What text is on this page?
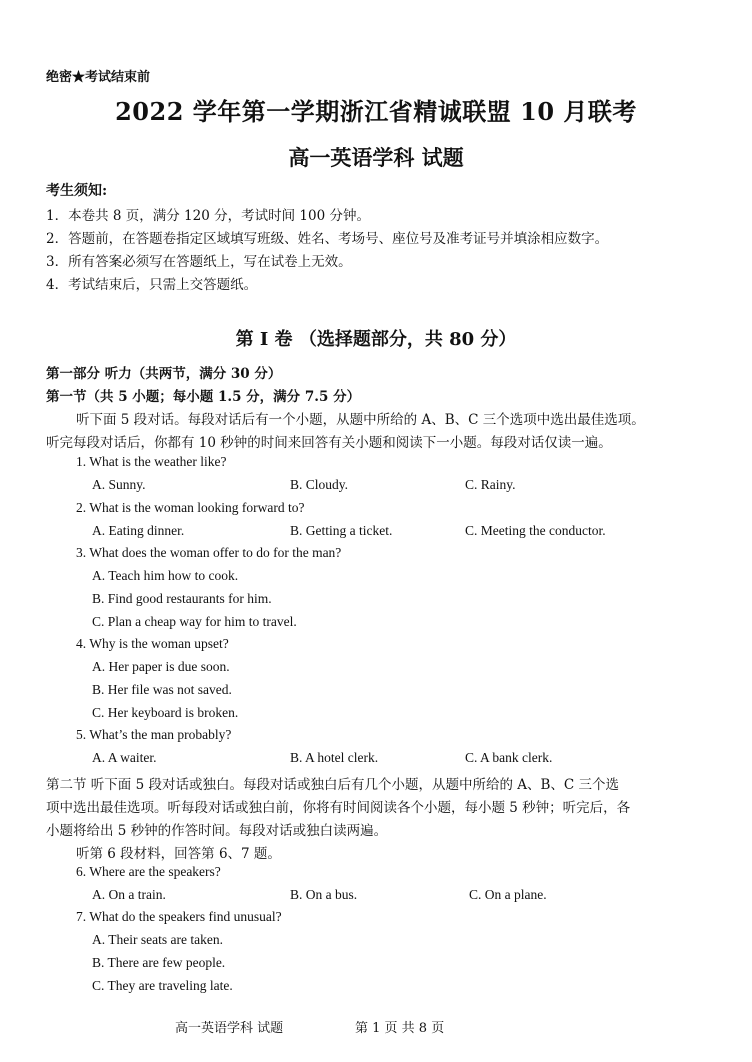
绝密★考试结束前
2022 学年第一学期浙江省精诚联盟 10 月联考
高一英语学科 试题
考生须知:
1．本卷共 8 页，满分 120 分，考试时间 100 分钟。
2．答题前，在答题卷指定区域填写班级、姓名、考场号、座位号及准考证号并填涂相应数字。
3．所有答案必须写在答题纸上，写在试卷上无效。
4．考试结束后，只需上交答题纸。
第 I 卷 （选择题部分，共 80 分）
第一部分 听力（共两节，满分 30 分）
第一节（共 5 小题；每小题 1.5 分，满分 7.5 分）
听下面 5 段对话。每段对话后有一个小题，从题中所给的 A、B、C 三个选项中选出最佳选项。
听完每段对话后，你都有 10 秒钟的时间来回答有关小题和阅读下一小题。每段对话仅读一遍。
1. What is the weather like?
A. Sunny.	B. Cloudy.	C. Rainy.
2. What is the woman looking forward to?
A. Eating dinner.	B. Getting a ticket.	C. Meeting the conductor.
3. What does the woman offer to do for the man?
A. Teach him how to cook.
B. Find good restaurants for him.
C. Plan a cheap way for him to travel.
4. Why is the woman upset?
A. Her paper is due soon.
B. Her file was not saved.
C. Her keyboard is broken.
5. What’s the man probably?
A. A waiter.	B. A hotel clerk.	C. A bank clerk.
第二节 听下面 5 段对话或独白。每段对话或独白后有几个小题，从题中所给的 A、B、C 三个选
项中选出最佳选项。听每段对话或独白前，你将有时间阅读各个小题，每小题 5 秒钟；听完后，各
小题将给出 5 秒钟的作答时间。每段对话或独白读两遍。
听第 6 段材料，回答第 6、7 题。
6. Where are the speakers?
A. On a train.	B. On a bus.	C. On a plane.
7. What do the speakers find unusual?
A. Their seats are taken.
B. There are few people.
C. They are traveling late.
高一英语学科 试题	第 1 页 共 8 页
